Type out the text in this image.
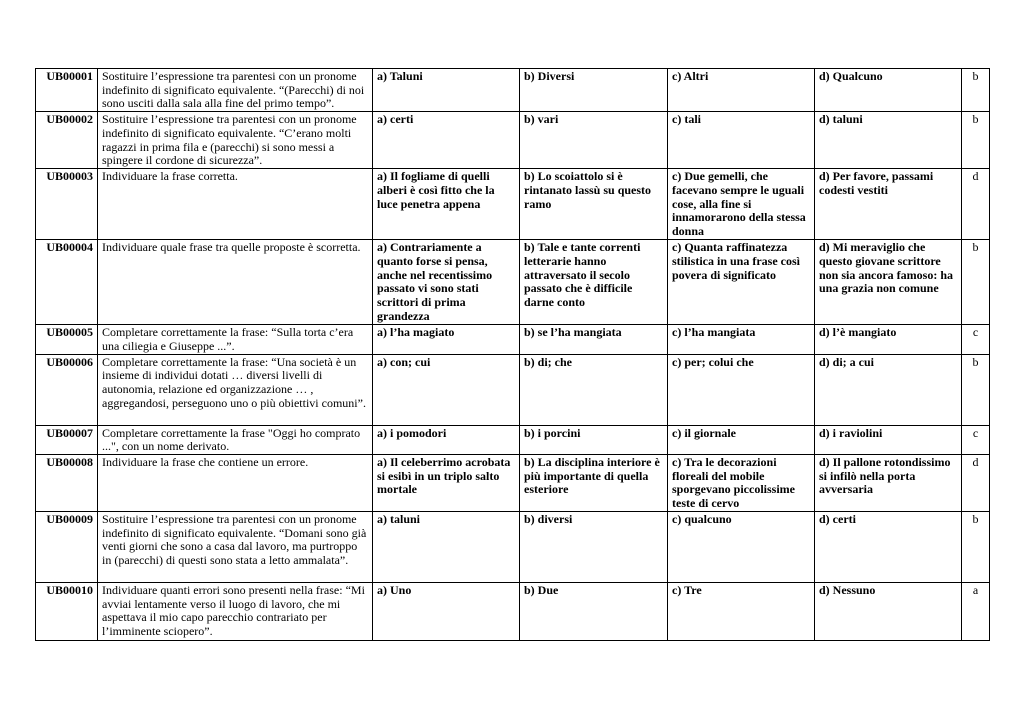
UB00001	Sostituire l’espressione tra parentesi con un pronome indefinito di significato equivalente. “(Parecchi) di noi sono usciti dalla sala alla fine del primo tempo”.	a) Taluni	b) Diversi	c) Altri	d) Qualcuno	b
UB00002	Sostituire l’espressione tra parentesi con un pronome indefinito di significato equivalente. “C’erano molti ragazzi in prima fila e (parecchi) si sono messi a spingere il cordone di sicurezza”.	a) certi	b) vari	c) tali	d) taluni	b
UB00003	Individuare la frase corretta.	a) Il fogliame di quelli alberi è così fitto che la luce penetra appena	b) Lo scoiattolo si è rintanato lassù su questo ramo	c) Due gemelli, che facevano sempre le uguali cose, alla fine si innamorarono della stessa donna	d) Per favore, passami codesti vestiti	d
UB00004	Individuare quale frase tra quelle proposte è scorretta.	a) Contrariamente a quanto forse si pensa, anche nel recentissimo passato vi sono stati scrittori di prima grandezza	b) Tale e tante correnti letterarie hanno attraversato il secolo passato che è difficile darne conto	c) Quanta raffinatezza stilistica in una frase così povera di significato	d) Mi meraviglio che questo giovane scrittore non sia ancora famoso: ha una grazia non comune	b
UB00005	Completare correttamente la frase: “Sulla torta c’era una ciliegia e Giuseppe ...”.	a) l’ha magiato	b) se l’ha mangiata	c) l’ha mangiata	d) l’è mangiato	c
UB00006	Completare correttamente la frase: “Una società è un insieme di individui dotati … diversi livelli di autonomia, relazione ed organizzazione … , aggregandosi, perseguono uno o più obiettivi comuni”.	a) con; cui	b) di; che	c) per; colui che	d) di; a cui	b
UB00007	Completare correttamente la frase "Oggi ho comprato ...", con un nome derivato.	a) i pomodori	b) i porcini	c) il giornale	d) i raviolini	c
UB00008	Individuare la frase che contiene un errore.	a) Il celeberrimo acrobata si esibì in un triplo salto mortale	b) La disciplina interiore è più importante di quella esteriore	c) Tra le decorazioni floreali del mobile sporgevano piccolissime teste di cervo	d) Il pallone rotondissimo si infilò nella porta avversaria	d
UB00009	Sostituire l’espressione tra parentesi con un pronome indefinito di significato equivalente. “Domani sono già venti giorni che sono a casa dal lavoro, ma purtroppo in (parecchi) di questi sono stata a letto ammalata”.	a) taluni	b) diversi	c) qualcuno	d) certi	b
UB00010	Individuare quanti errori sono presenti nella frase: “Mi avviai lentamente verso il luogo di lavoro, che mi aspettava il mio capo parecchio contrariato per l’imminente sciopero”.	a) Uno	b) Due	c) Tre	d) Nessuno	a
